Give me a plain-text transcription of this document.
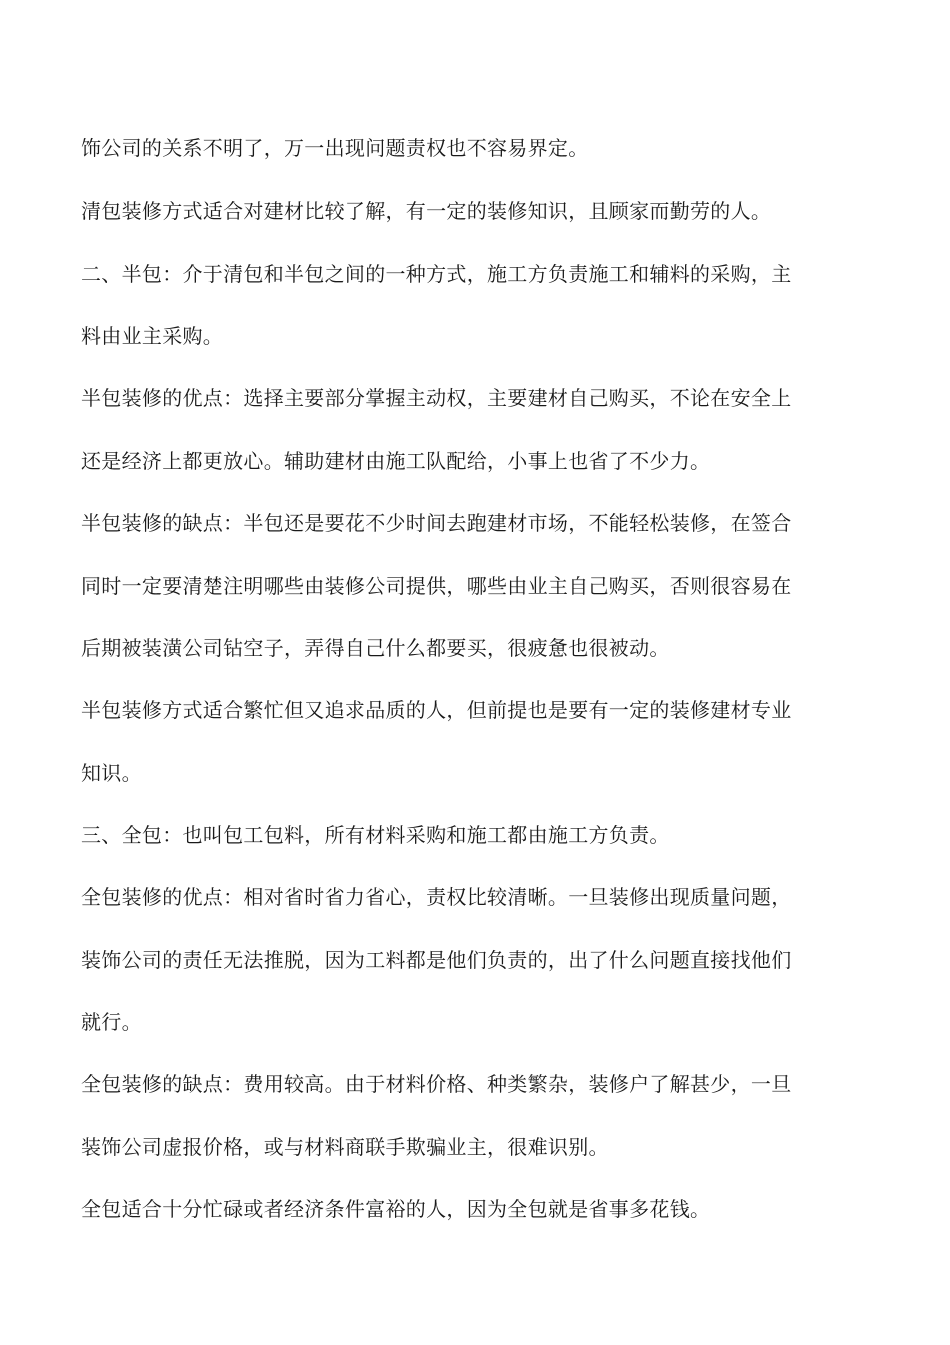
饰公司的关系不明了，万一出现问题责权也不容易界定。
清包装修方式适合对建材比较了解，有一定的装修知识，且顾家而勤劳的人。
二、半包：介于清包和半包之间的一种方式，施工方负责施工和辅料的采购，主
料由业主采购。
半包装修的优点：选择主要部分掌握主动权，主要建材自己购买，不论在安全上
还是经济上都更放心。辅助建材由施工队配给，小事上也省了不少力。
半包装修的缺点：半包还是要花不少时间去跑建材市场，不能轻松装修，在签合
同时一定要清楚注明哪些由装修公司提供，哪些由业主自己购买，否则很容易在
后期被装潢公司钻空子，弄得自己什么都要买，很疲惫也很被动。
半包装修方式适合繁忙但又追求品质的人，但前提也是要有一定的装修建材专业
知识。
三、全包：也叫包工包料，所有材料采购和施工都由施工方负责。
全包装修的优点：相对省时省力省心，责权比较清晰。一旦装修出现质量问题，
装饰公司的责任无法推脱，因为工料都是他们负责的，出了什么问题直接找他们
就行。
全包装修的缺点：费用较高。由于材料价格、种类繁杂，装修户了解甚少，一旦
装饰公司虚报价格，或与材料商联手欺骗业主，很难识别。
全包适合十分忙碌或者经济条件富裕的人，因为全包就是省事多花钱。
